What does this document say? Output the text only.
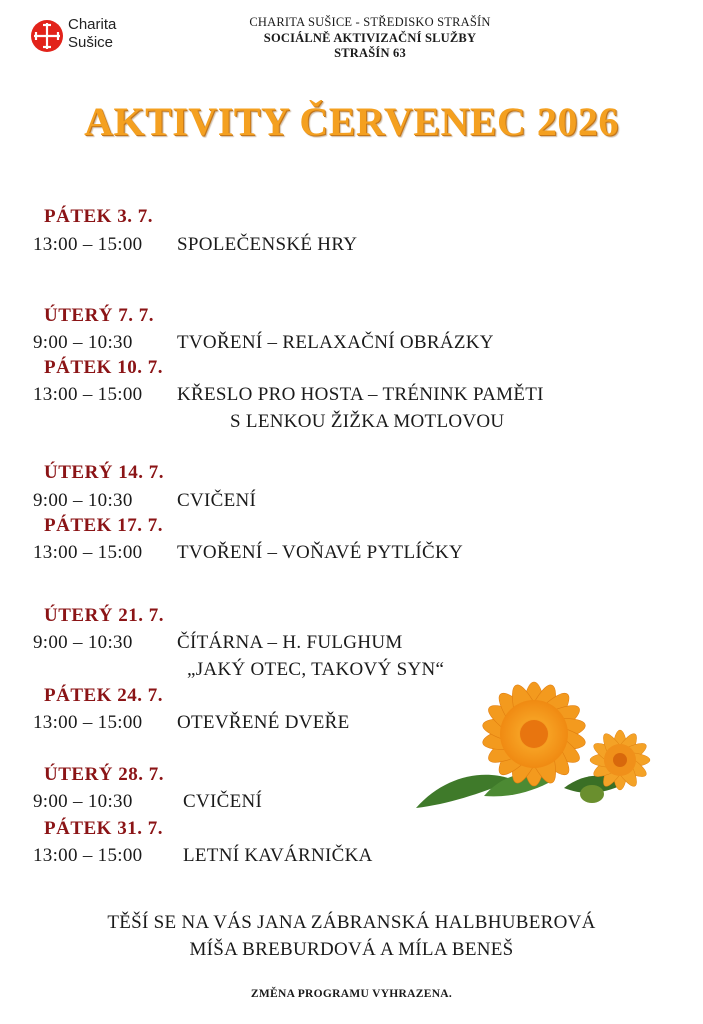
Charita
Sušice
CHARITA SUŠICE - STŘEDISKO STRAŠÍN
SOCIÁLNĚ AKTIVIZAČNÍ SLUŽBY
STRAŠÍN 63
AKTIVITY ČERVENEC 2026
PÁTEK 3. 7.
13:00 – 15:00 SPOLEČENSKÉ HRY
ÚTERÝ 7. 7.
9:00 – 10:30 TVOŘENÍ – RELAXAČNÍ OBRÁZKY
PÁTEK 10. 7.
13:00 – 15:00 KŘESLO PRO HOSTA – TRÉNINK PAMĚTI
S LENKOU ŽIŽKA MOTLOVOU
ÚTERÝ 14. 7.
9:00 – 10:30 CVIČENÍ
PÁTEK 17. 7.
13:00 – 15:00 TVOŘENÍ – VOŇAVÉ PYTLÍČKY
ÚTERÝ 21. 7.
9:00 – 10:30 ČÍTÁRNA – H. FULGHUM
„JAKÝ OTEC, TAKOVÝ SYN“
PÁTEK 24. 7.
13:00 – 15:00 OTEVŘENÉ DVEŘE
ÚTERÝ 28. 7.
9:00 – 10:30	CVIČENÍ
PÁTEK 31. 7.
13:00 – 15:00 LETNÍ KAVÁRNIČKA
TĚŠÍ SE NA VÁS JANA ZÁBRANSKÁ HALBHUBEROVÁ
MÍŠA BREBURDOVÁ A MÍLA BENEŠ
ZMĚNA PROGRAMU VYHRAZENA.
